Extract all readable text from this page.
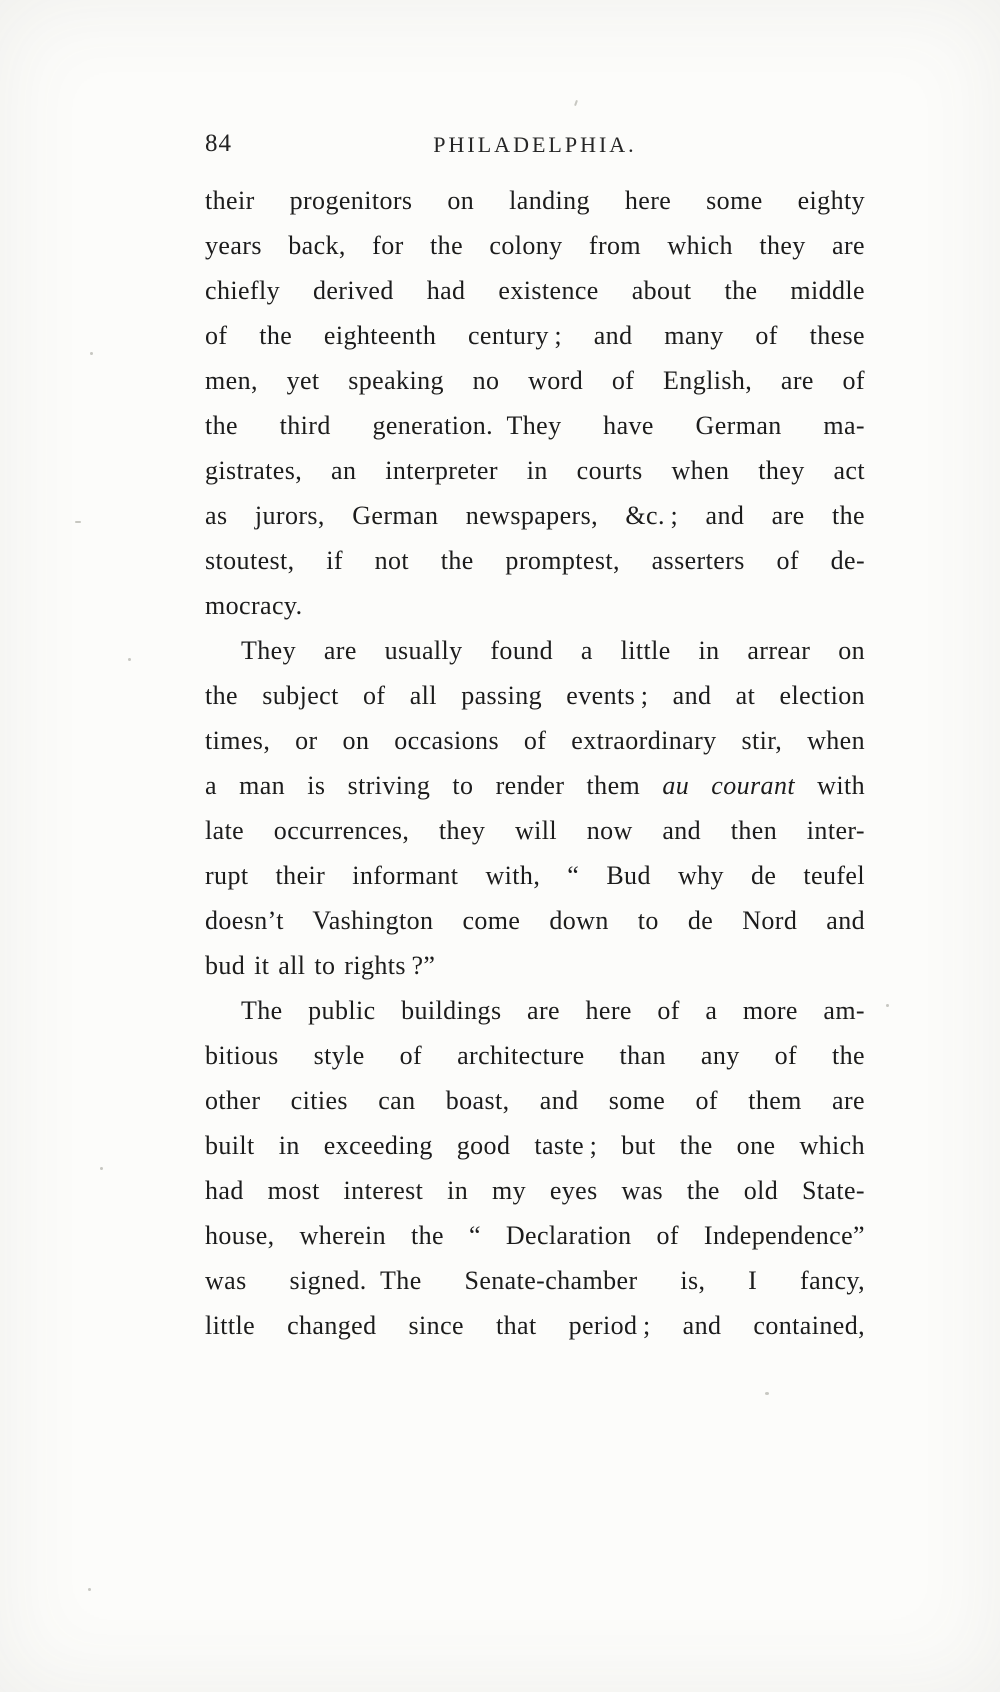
84	PHILADELPHIA.
their progenitors on landing here some eighty
years back, for the colony from which they are
chiefly derived had existence about the middle
of the eighteenth century ; and many of these
men, yet speaking no word of English, are of
the third generation. They have German ma-
gistrates, an interpreter in courts when they act
as jurors, German newspapers, &c. ; and are the
stoutest, if not the promptest, asserters of de-
mocracy.
They are usually found a little in arrear on
the subject of all passing events ; and at election
times, or on occasions of extraordinary stir, when
a man is striving to render them au courant with
late occurrences, they will now and then inter-
rupt their informant with, “ Bud why de teufel
doesn’t Vashington come down to de Nord and
bud it all to rights ?”
The public buildings are here of a more am-
bitious style of architecture than any of the
other cities can boast, and some of them are
built in exceeding good taste ; but the one which
had most interest in my eyes was the old State-
house, wherein the “ Declaration of Independence”
was signed. The Senate-chamber is, I fancy,
little changed since that period ; and contained,
